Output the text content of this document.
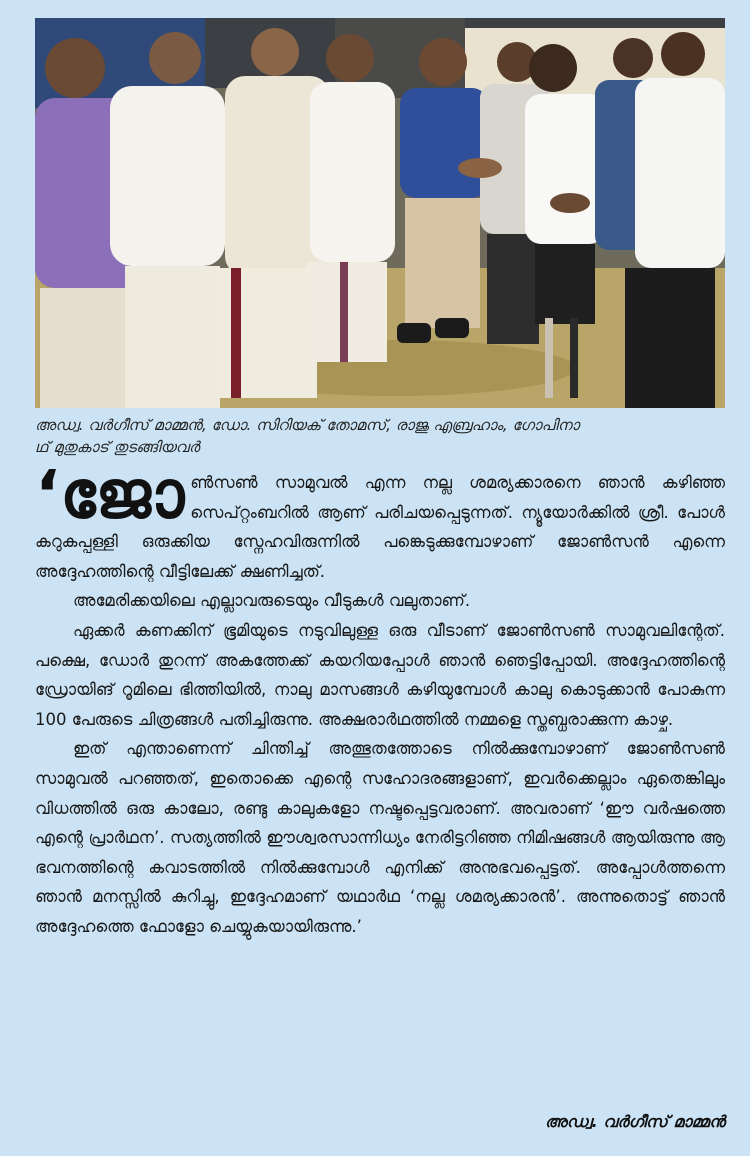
അഡ്വ. വർഗീസ് മാമ്മൻ, ഡോ. സിറിയക് തോമസ്, രാജു എബ്രഹാം, ഗോപിനാ
ഥ് മുതുകാട് തുടങ്ങിയവർ

‘ജോൺസൺ സാമുവൽ എന്ന നല്ല ശമര്യക്കാരനെ ഞാൻ കഴിഞ്ഞ സെപ്റ്റംബറിൽ ആണ് പരിചയപ്പെടുന്നത്. ന്യൂയോർക്കിൽ ശ്രീ. പോൾ കറുകപ്പള്ളി ഒരുക്കിയ സ്നേഹവിരുന്നിൽ പങ്കെടുക്കുമ്പോഴാണ് ജോൺസൻ എന്നെ അദ്ദേഹത്തിന്റെ വീട്ടിലേക്ക് ക്ഷണിച്ചത്.

അമേരിക്കയിലെ എല്ലാവരുടെയും വീടുകൾ വലുതാണ്.

ഏക്കർ കണക്കിന് ഭൂമിയുടെ നടുവിലുള്ള ഒരു വീടാണ് ജോൺസൺ സാമുവലിന്റേത്. പക്ഷെ, ഡോർ തുറന്ന് അകത്തേക്ക് കയറിയപ്പോൾ ഞാൻ ഞെട്ടിപ്പോയി. അദ്ദേഹത്തിന്റെ ഡ്രോയിങ് റൂമിലെ ഭിത്തിയിൽ, നാലു മാസങ്ങൾ കഴിയുമ്പോൾ കാലു കൊടുക്കാൻ പോകുന്ന 100 പേരുടെ ചിത്രങ്ങൾ പതിച്ചിരുന്നു. അക്ഷരാർഥത്തിൽ നമ്മളെ സ്തബ്ധരാക്കുന്ന കാഴ്ച.

ഇത് എന്താണെന്ന് ചിന്തിച്ച് അത്ഭുതത്തോടെ നിൽക്കുമ്പോഴാണ് ജോൺസൺ സാമുവൽ പറഞ്ഞത്, ഇതൊക്കെ എന്റെ സഹോദരങ്ങളാണ്, ഇവർക്കെല്ലാം ഏതെങ്കിലും വിധത്തിൽ ഒരു കാലോ, രണ്ടു കാലുകളോ നഷ്ടപ്പെട്ടവരാണ്. അവരാണ് ‘ഈ വർഷത്തെ എന്റെ പ്രാർഥന’. സത്യത്തിൽ ഈശ്വരസാന്നിധ്യം നേരിട്ടറിഞ്ഞ നിമിഷങ്ങൾ ആയിരുന്നു ആ ഭവനത്തിന്റെ കവാടത്തിൽ നിൽക്കുമ്പോൾ എനിക്ക് അനുഭവപ്പെട്ടത്. അപ്പോൾത്തന്നെ ഞാൻ മനസ്സിൽ കുറിച്ചു, ഇദ്ദേഹമാണ് യഥാർഥ ‘നല്ല ശമര്യക്കാരൻ’. അന്നുതൊട്ട് ഞാൻ അദ്ദേഹത്തെ ഫോളോ ചെയ്യുകയായിരുന്നു.’

അഡ്വ. വർഗീസ് മാമ്മൻ
